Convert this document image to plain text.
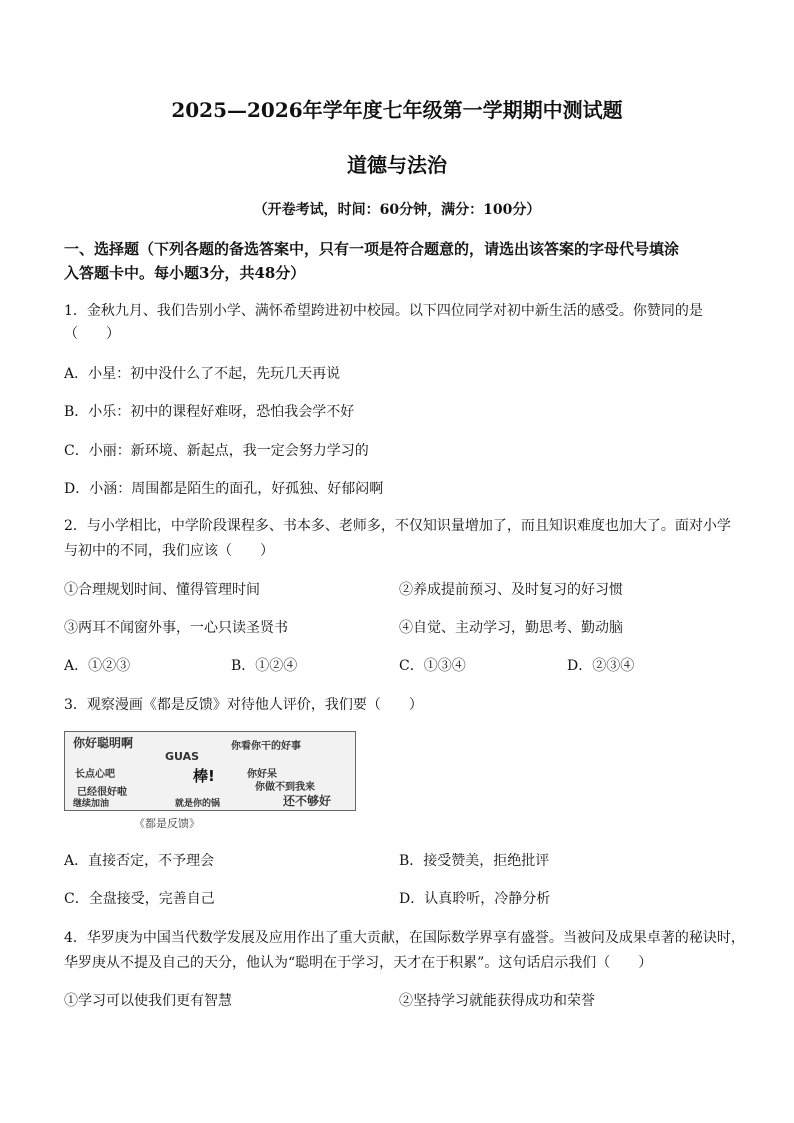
2025—2026年学年度七年级第一学期期中测试题
道德与法治
（开卷考试，时间：60分钟，满分：100分）
一、选择题（下列各题的备选答案中，只有一项是符合题意的，请选出该答案的字母代号填涂
入答题卡中。每小题3分，共48分）
1．金秋九月、我们告别小学、满怀希望跨进初中校园。以下四位同学对初中新生活的感受。你赞同的是
（　　）
A．小星：初中没什么了不起，先玩几天再说
B．小乐：初中的课程好难呀，恐怕我会学不好
C．小丽：新环境、新起点，我一定会努力学习的
D．小涵：周围都是陌生的面孔，好孤独、好郁闷啊
2．与小学相比，中学阶段课程多、书本多、老师多，不仅知识量增加了，而且知识难度也加大了。面对小学
与初中的不同，我们应该（　　）
①合理规划时间、懂得管理时间	②养成提前预习、及时复习的好习惯
③两耳不闻窗外事，一心只读圣贤书	④自觉、主动学习，勤思考、勤动脑
A．①②③	B．①②④	C．①③④	D．②③④
3．观察漫画《都是反馈》对待他人评价，我们要（　　）
你好聪明啊	你看你干的好事
GUAS
长点心吧	棒!	你好呆
已经很好啦	你做不到我来
还不够好
继续加油	就是你的锅
《都是反馈》
A．直接否定，不予理会	B．接受赞美，拒绝批评
C．全盘接受，完善自己	D．认真聆听，冷静分析
4．华罗庚为中国当代数学发展及应用作出了重大贡献，在国际数学界享有盛誉。当被问及成果卓著的秘诀时，
华罗庚从不提及自己的天分，他认为“聪明在于学习，天才在于积累”。这句话启示我们（　　）
①学习可以使我们更有智慧	②坚持学习就能获得成功和荣誉
